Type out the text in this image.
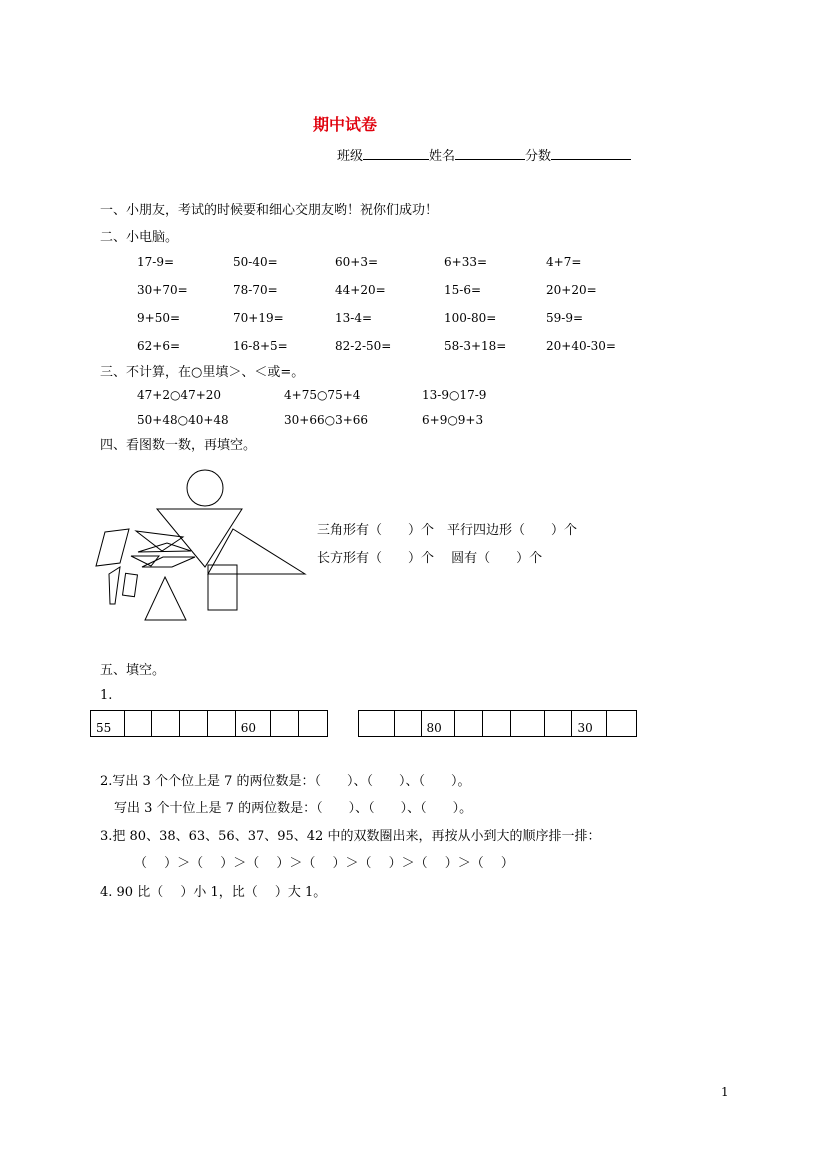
期中试卷
班级	姓名	分数
一、小朋友，考试的时候要和细心交朋友哟！祝你们成功！
二、小电脑。
17-9=	50-40=	60+3=	6+33=	4+7=
30+70=	78-70=	44+20=	15-6=	20+20=
9+50=	70+19=	13-4=	100-80=	59-9=
62+6=	16-8+5=	82-2-50=	58-3+18=	20+40-30=
三、不计算，在○里填＞、＜或=。
47+2○47+20	4+75○75+4	13-9○17-9
50+48○40+48	30+66○3+66	6+9○9+3
四、看图数一数，再填空。
三角形有（　　）个　平行四边形（　　）个
长方形有（　　）个　 圆有（　　）个
五、填空。
1.
55	60	80	30
2.写出 3 个个位上是 7 的两位数是：（　　）、（　　）、（　　）。
写出 3 个十位上是 7 的两位数是：（　　）、（　　）、（　　）。
3.把 80、38、63、56、37、95、42 中的双数圈出来，再按从小到大的顺序排一排：
（　 ）＞（　 ）＞（　 ）＞（　 ）＞（　 ）＞（　 ）＞（　 ）
4. 90 比（　 ）小 1，比（　 ）大 1。
1
